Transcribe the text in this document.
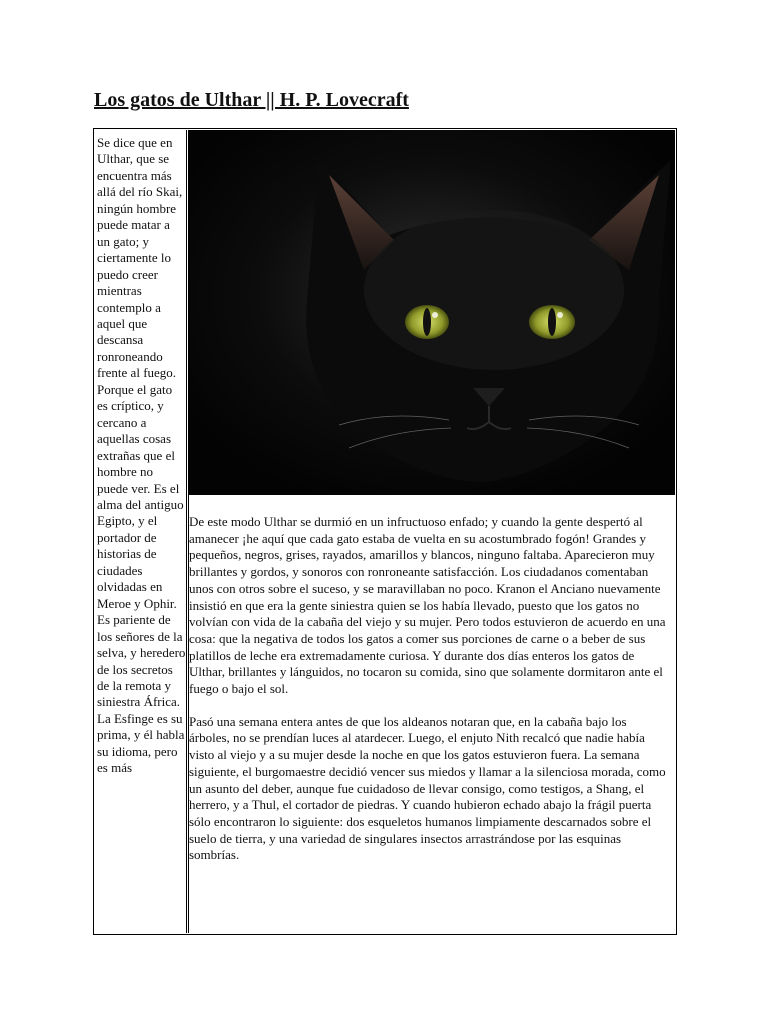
Los gatos de Ulthar || H. P. Lovecraft
Se dice que en Ulthar, que se encuentra más allá del río Skai, ningún hombre puede matar a un gato; y ciertamente lo puedo creer mientras contemplo a aquel que descansa ronroneando frente al fuego. Porque el gato es críptico, y cercano a aquellas cosas extrañas que el hombre no puede ver. Es el alma del antiguo Egipto, y el portador de historias de ciudades olvidadas en Meroe y Ophir. Es pariente de los señores de la selva, y heredero de los secretos de la remota y siniestra África. La Esfinge es su prima, y él habla su idioma, pero es más

De este modo Ulthar se durmió en un infructuoso enfado; y cuando la gente despertó al amanecer ¡he aquí que cada gato estaba de vuelta en su acostumbrado fogón! Grandes y pequeños, negros, grises, rayados, amarillos y blancos, ninguno faltaba. Aparecieron muy brillantes y gordos, y sonoros con ronroneante satisfacción. Los ciudadanos comentaban unos con otros sobre el suceso, y se maravillaban no poco. Kranon el Anciano nuevamente insistió en que era la gente siniestra quien se los había llevado, puesto que los gatos no volvían con vida de la cabaña del viejo y su mujer. Pero todos estuvieron de acuerdo en una cosa: que la negativa de todos los gatos a comer sus porciones de carne o a beber de sus platillos de leche era extremadamente curiosa. Y durante dos días enteros los gatos de Ulthar, brillantes y lánguidos, no tocaron su comida, sino que solamente dormitaron ante el fuego o bajo el sol.

Pasó una semana entera antes de que los aldeanos notaran que, en la cabaña bajo los árboles, no se prendían luces al atardecer. Luego, el enjuto Nith recalcó que nadie había visto al viejo y a su mujer desde la noche en que los gatos estuvieron fuera. La semana siguiente, el burgomaestre decidió vencer sus miedos y llamar a la silenciosa morada, como un asunto del deber, aunque fue cuidadoso de llevar consigo, como testigos, a Shang, el herrero, y a Thul, el cortador de piedras. Y cuando hubieron echado abajo la frágil puerta sólo encontraron lo siguiente: dos esqueletos humanos limpiamente descarnados sobre el suelo de tierra, y una variedad de singulares insectos arrastrándose por las esquinas sombrías.
